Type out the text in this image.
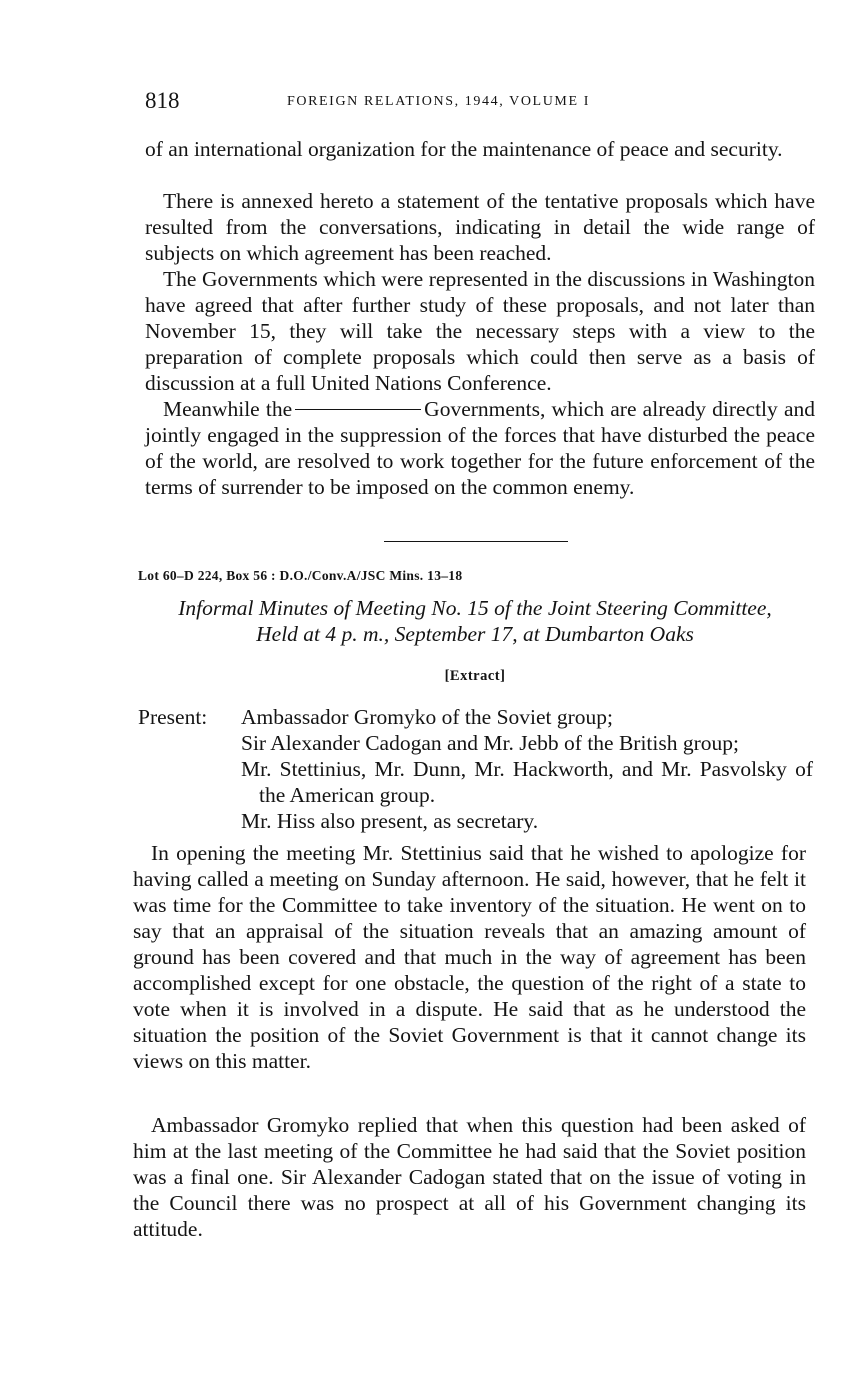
818	FOREIGN RELATIONS, 1944, VOLUME I

of an international organization for the maintenance of peace and security.

There is annexed hereto a statement of the tentative proposals which have resulted from the conversations, indicating in detail the wide range of subjects on which agreement has been reached.

The Governments which were represented in the discussions in Washington have agreed that after further study of these proposals, and not later than November 15, they will take the necessary steps with a view to the preparation of complete proposals which could then serve as a basis of discussion at a full United Nations Conference.

Meanwhile the	Governments, which are already directly and jointly engaged in the suppression of the forces that have disturbed the peace of the world, are resolved to work together for the future enforcement of the terms of surrender to be imposed on the common enemy.

Lot 60–D 224, Box 56 : D.O./Conv.A/JSC Mins. 13–18
Informal Minutes of Meeting No. 15 of the Joint Steering Committee,
Held at 4 p. m., September 17, at Dumbarton Oaks
[Extract]
Present: Ambassador Gromyko of the Soviet group;
Sir Alexander Cadogan and Mr. Jebb of the British group;
Mr. Stettinius, Mr. Dunn, Mr. Hackworth, and Mr. Pasvolsky of the American group.
Mr. Hiss also present, as secretary.

In opening the meeting Mr. Stettinius said that he wished to apologize for having called a meeting on Sunday afternoon. He said, however, that he felt it was time for the Committee to take inventory of the situation. He went on to say that an appraisal of the situation reveals that an amazing amount of ground has been covered and that much in the way of agreement has been accomplished except for one obstacle, the question of the right of a state to vote when it is involved in a dispute. He said that as he understood the situation the position of the Soviet Government is that it cannot change its views on this matter.

Ambassador Gromyko replied that when this question had been asked of him at the last meeting of the Committee he had said that the Soviet position was a final one. Sir Alexander Cadogan stated that on the issue of voting in the Council there was no prospect at all of his Government changing its attitude.
